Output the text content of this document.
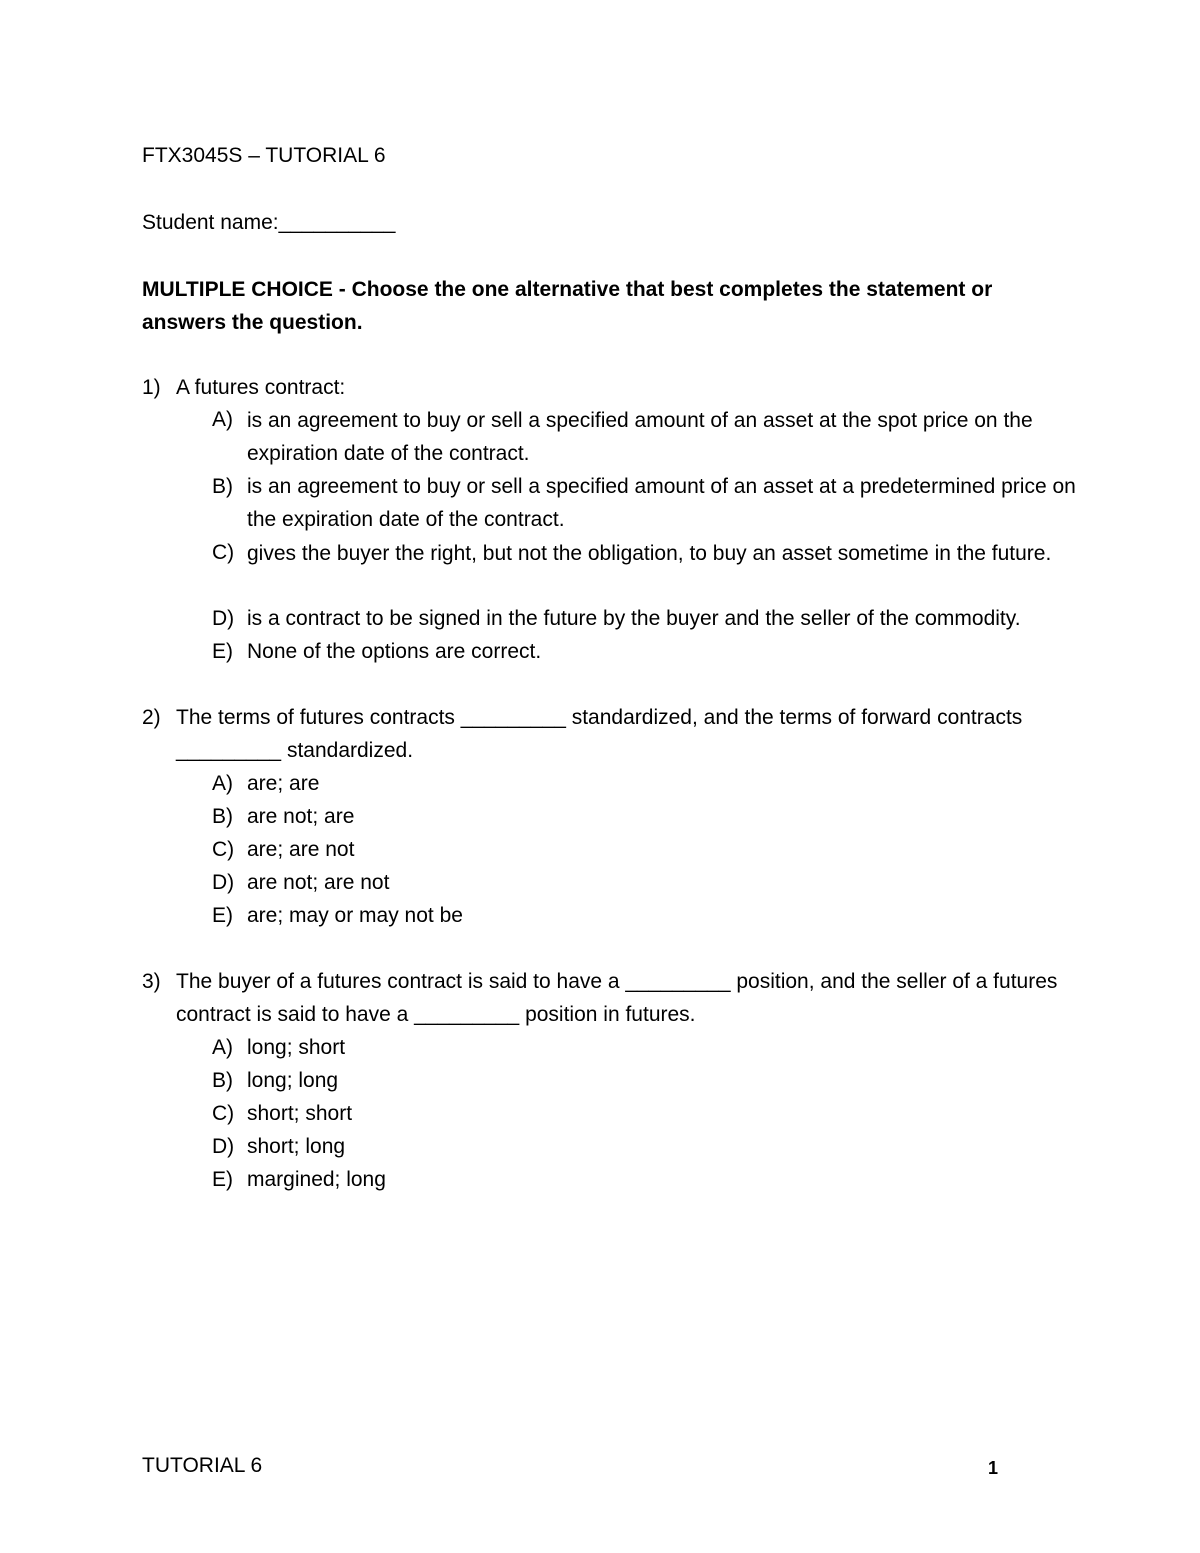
FTX3045S – TUTORIAL 6
Student name:__________
MULTIPLE CHOICE - Choose the one alternative that best completes the statement or answers the question.
1) A futures contract:
A) is an agreement to buy or sell a specified amount of an asset at the spot price on the expiration date of the contract.
B) is an agreement to buy or sell a specified amount of an asset at a predetermined price on the expiration date of the contract.
C) gives the buyer the right, but not the obligation, to buy an asset sometime in the future.
D) is a contract to be signed in the future by the buyer and the seller of the commodity.
E) None of the options are correct.
2) The terms of futures contracts _________ standardized, and the terms of forward contracts _________ standardized.
A) are; are
B) are not; are
C) are; are not
D) are not; are not
E) are; may or may not be
3) The buyer of a futures contract is said to have a _________ position, and the seller of a futures contract is said to have a _________ position in futures.
A) long; short
B) long; long
C) short; short
D) short; long
E) margined; long
TUTORIAL 6	1
